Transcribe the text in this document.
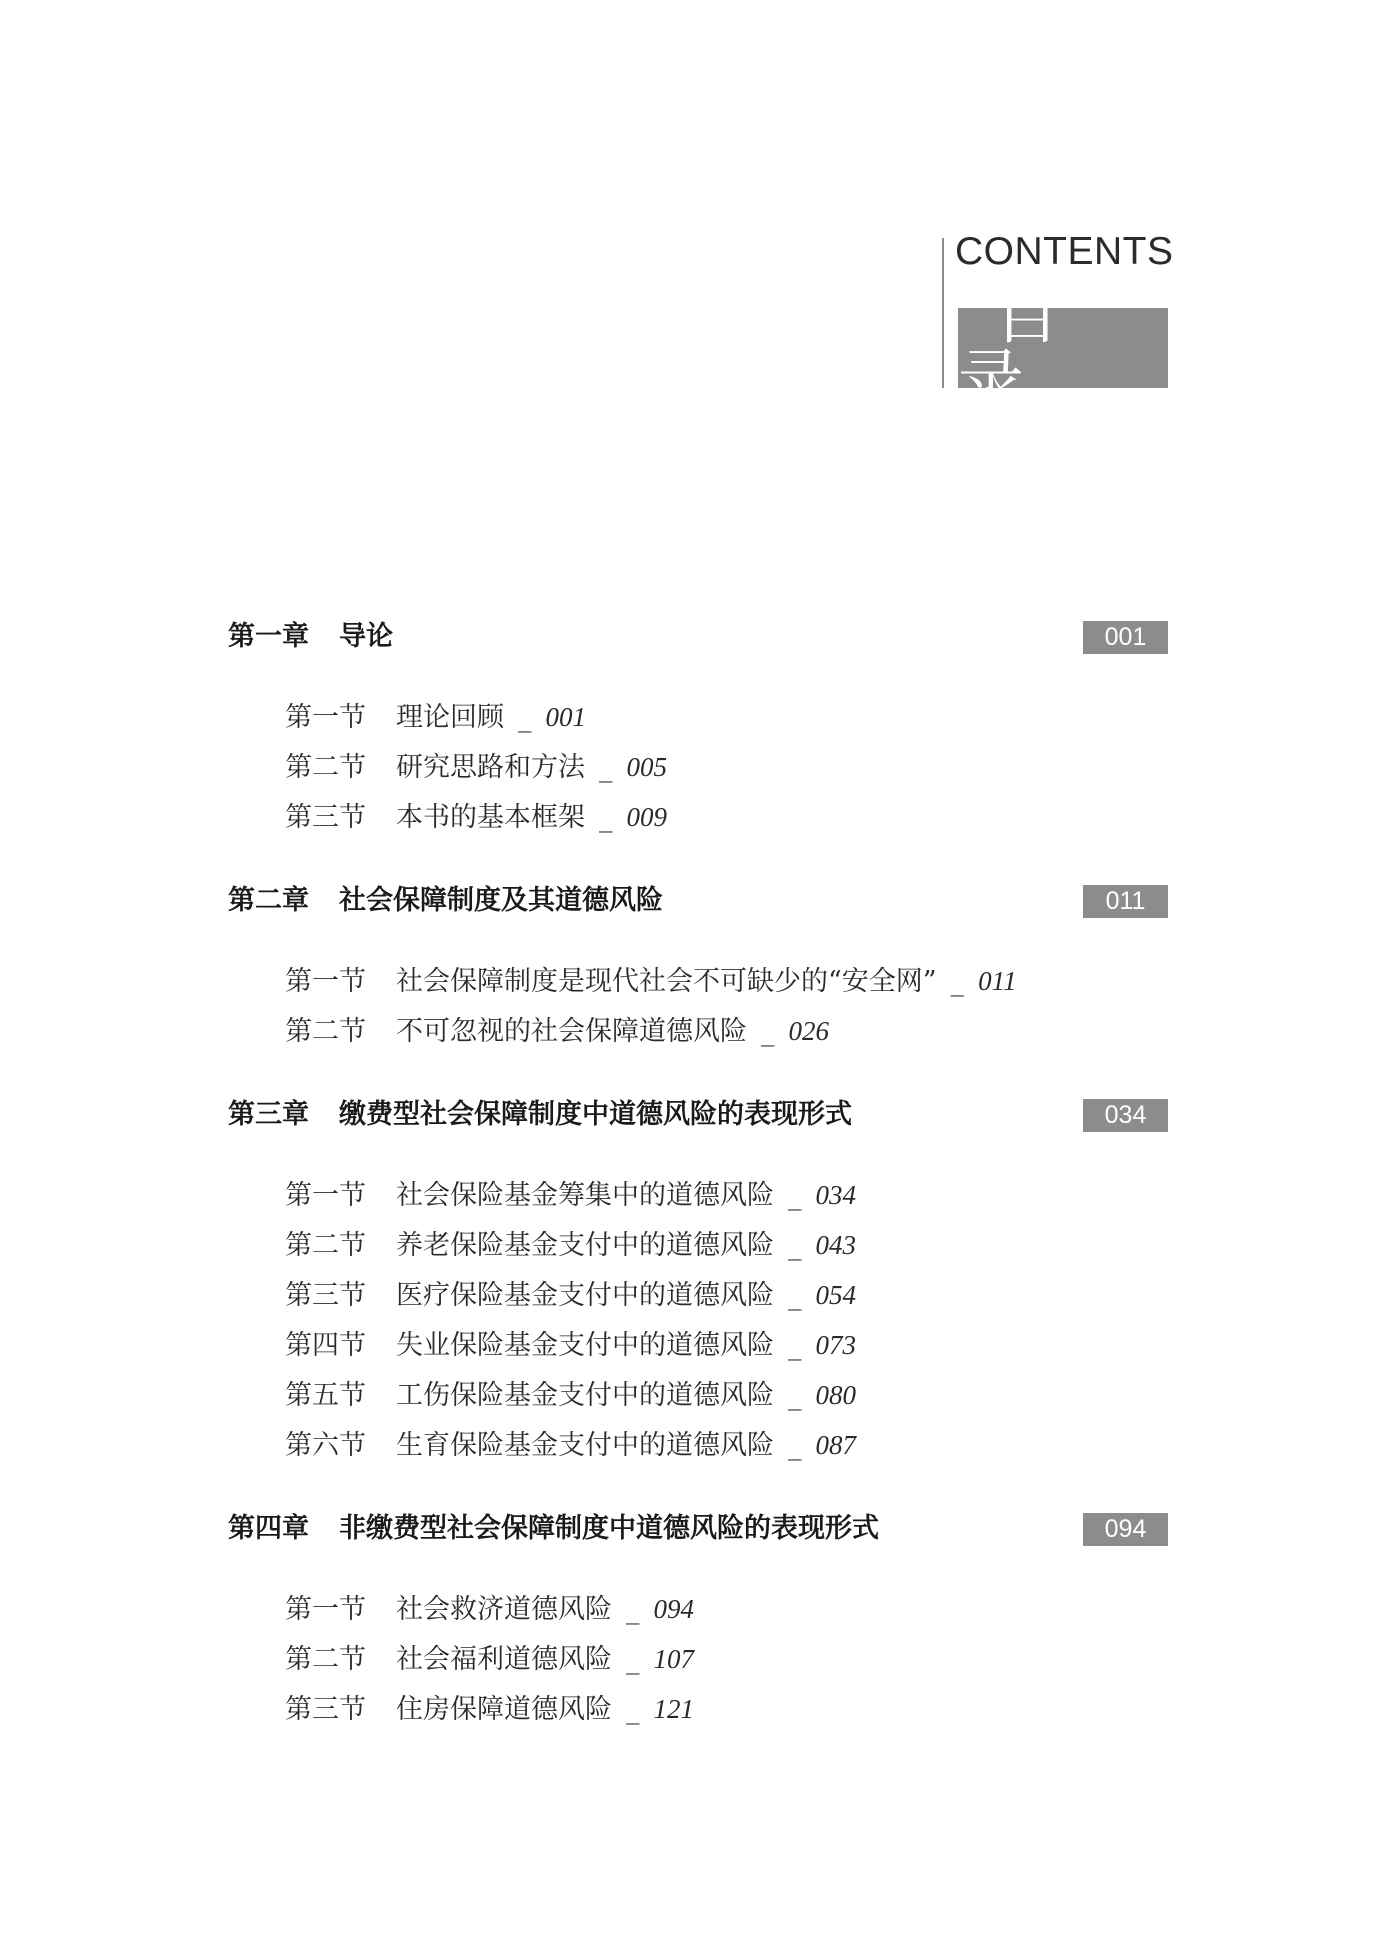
CONTENTS
目录
第一章 导论	001
第一节 理论回顾 _ 001
第二节 研究思路和方法 _ 005
第三节 本书的基本框架 _ 009
第二章 社会保障制度及其道德风险	011
第一节 社会保障制度是现代社会不可缺少的“安全网” _ 011
第二节 不可忽视的社会保障道德风险 _ 026
第三章 缴费型社会保障制度中道德风险的表现形式	034
第一节 社会保险基金筹集中的道德风险 _ 034
第二节 养老保险基金支付中的道德风险 _ 043
第三节 医疗保险基金支付中的道德风险 _ 054
第四节 失业保险基金支付中的道德风险 _ 073
第五节 工伤保险基金支付中的道德风险 _ 080
第六节 生育保险基金支付中的道德风险 _ 087
第四章 非缴费型社会保障制度中道德风险的表现形式	094
第一节 社会救济道德风险 _ 094
第二节 社会福利道德风险 _ 107
第三节 住房保障道德风险 _ 121
